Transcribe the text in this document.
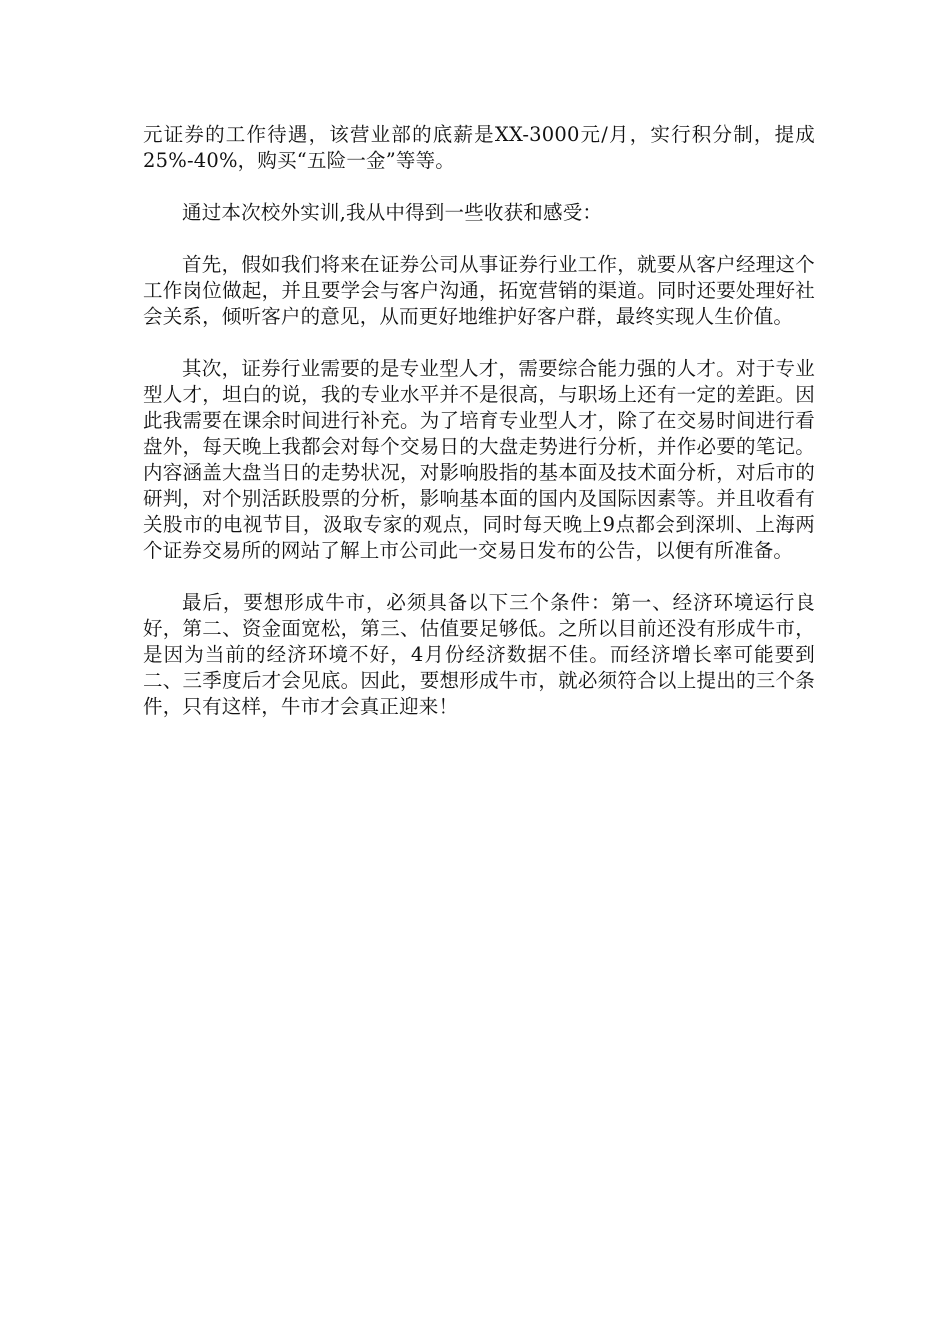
元证券的工作待遇，该营业部的底薪是XX-3000元/月，实行积分制，提成25%-40%，购买“五险一金”等等。

通过本次校外实训,我从中得到一些收获和感受：

首先，假如我们将来在证券公司从事证券行业工作，就要从客户经理这个工作岗位做起，并且要学会与客户沟通，拓宽营销的渠道。同时还要处理好社会关系，倾听客户的意见，从而更好地维护好客户群，最终实现人生价值。

其次，证券行业需要的是专业型人才，需要综合能力强的人才。对于专业型人才，坦白的说，我的专业水平并不是很高，与职场上还有一定的差距。因此我需要在课余时间进行补充。为了培育专业型人才，除了在交易时间进行看盘外，每天晚上我都会对每个交易日的大盘走势进行分析，并作必要的笔记。内容涵盖大盘当日的走势状况，对影响股指的基本面及技术面分析，对后市的研判，对个别活跃股票的分析，影响基本面的国内及国际因素等。并且收看有关股市的电视节目，汲取专家的观点，同时每天晚上9点都会到深圳、上海两个证券交易所的网站了解上市公司此一交易日发布的公告，以便有所准备。

最后，要想形成牛市，必须具备以下三个条件：第一、经济环境运行良好，第二、资金面宽松，第三、估值要足够低。之所以目前还没有形成牛市，是因为当前的经济环境不好，4月份经济数据不佳。而经济增长率可能要到二、三季度后才会见底。因此，要想形成牛市，就必须符合以上提出的三个条件，只有这样，牛市才会真正迎来！
